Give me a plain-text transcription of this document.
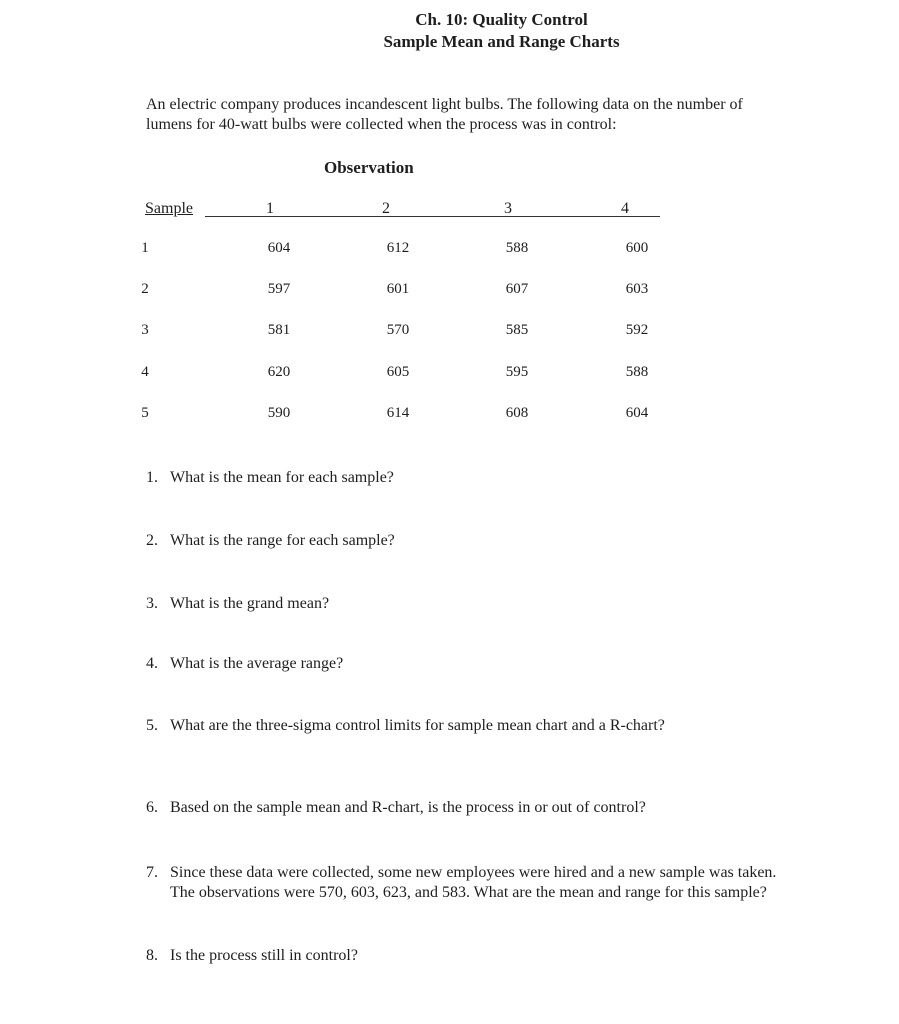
Ch. 10: Quality Control
Sample Mean and Range Charts
An electric company produces incandescent light bulbs. The following data on the number of
lumens for 40-watt bulbs were collected when the process was in control:
Observation
Sample	1	2	3	4
1	604	612	588	600
2	597	601	607	603
3	581	570	585	592
4	620	605	595	588
5	590	614	608	604
1. What is the mean for each sample?
2. What is the range for each sample?
3. What is the grand mean?
4. What is the average range?
5. What are the three-sigma control limits for sample mean chart and a R-chart?
6. Based on the sample mean and R-chart, is the process in or out of control?
7. Since these data were collected, some new employees were hired and a new sample was taken.
The observations were 570, 603, 623, and 583. What are the mean and range for this sample?
8. Is the process still in control?
